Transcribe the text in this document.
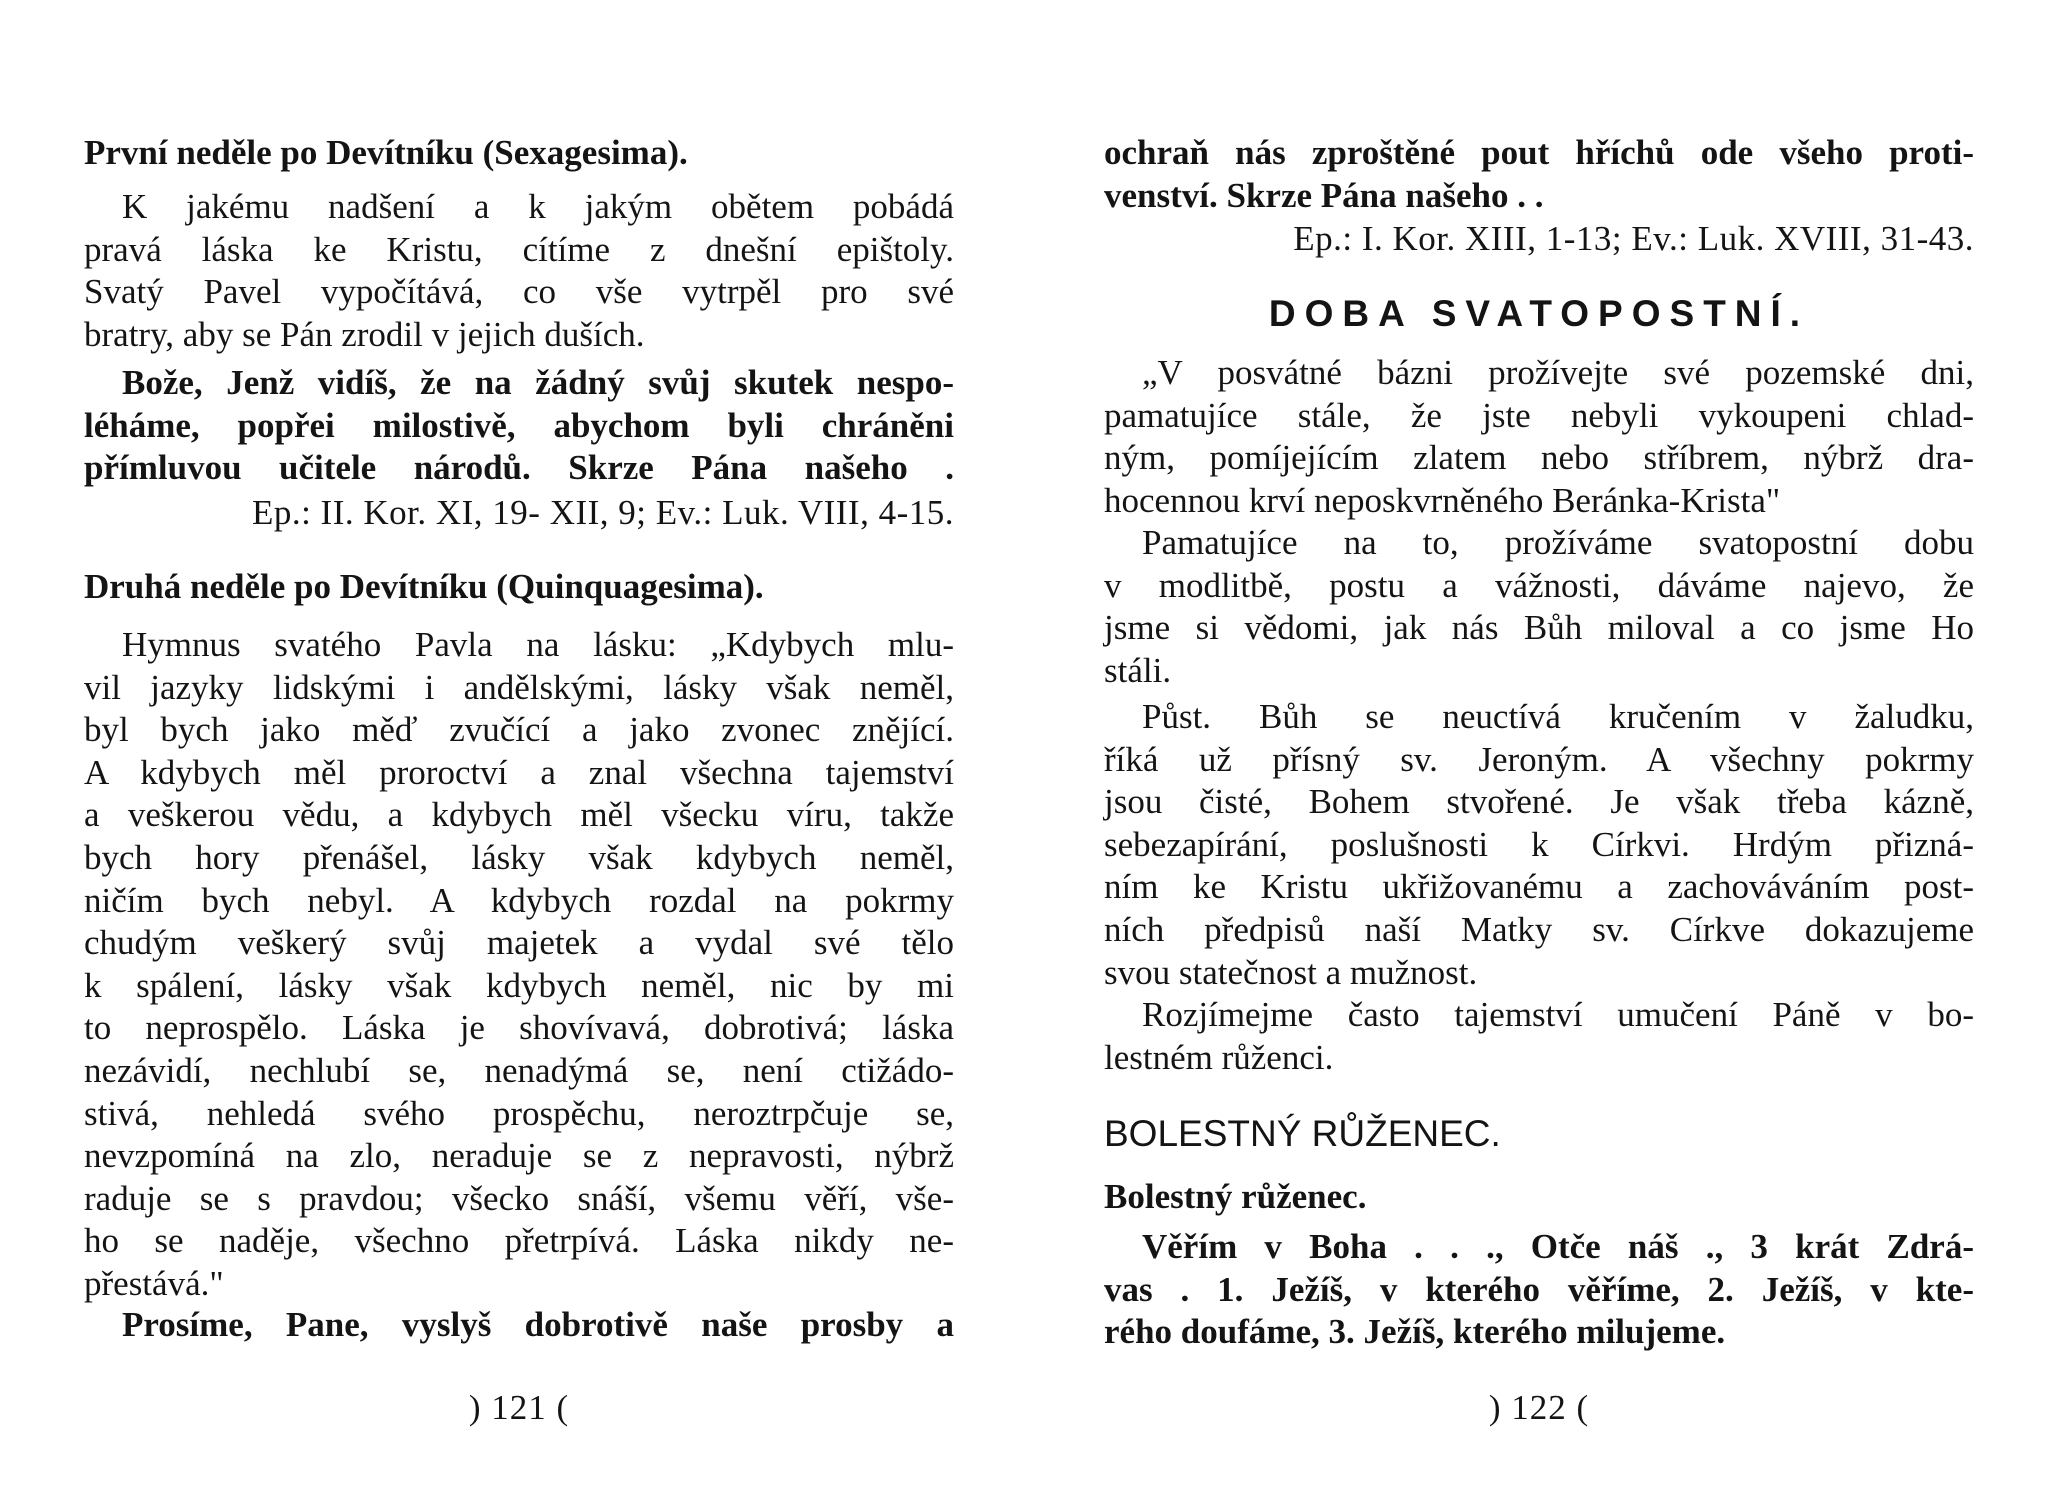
První neděle po Devítníku (Sexagesima).

K jakému nadšení a k jakým obětem pobádá

pravá láska ke Kristu, cítíme z dnešní epištoly.

Svatý Pavel vypočítává, co vše vytrpěl pro své

bratry, aby se Pán zrodil v jejich duších.

Bože, Jenž vidíš, že na žádný svůj skutek nespo-

léháme, popřei milostivě, abychom byli chráněni

přímluvou učitele národů. Skrze Pána našeho .

Ep.: II. Kor. XI, 19- XII, 9; Ev.: Luk. VIII, 4-15.

Druhá neděle po Devítníku (Quinquagesima).

Hymnus svatého Pavla na lásku: „Kdybych mlu-

vil jazyky lidskými i andělskými, lásky však neměl,

byl bych jako měď zvučící a jako zvonec znějící.

A kdybych měl proroctví a znal všechna tajemství

a veškerou vědu, a kdybych měl všecku víru, takže

bych hory přenášel, lásky však kdybych neměl,

ničím bych nebyl. A kdybych rozdal na pokrmy

chudým veškerý svůj majetek a vydal své tělo

k spálení, lásky však kdybych neměl, nic by mi

to neprospělo. Láska je shovívavá, dobrotivá; láska

nezávidí, nechlubí se, nenadýmá se, není ctižádo-

stivá, nehledá svého prospěchu, neroztrpčuje se,

nevzpomíná na zlo, neraduje se z nepravosti, nýbrž

raduje se s pravdou; všecko snáší, všemu věří, vše-

ho se naděje, všechno přetrpívá. Láska nikdy ne-

přestává."

Prosíme, Pane, vyslyš dobrotivě naše prosby a

) 121 (

ochraň nás zproštěné pout hříchů ode všeho proti-

venství. Skrze Pána našeho . .

Ep.: I. Kor. XIII, 1-13; Ev.: Luk. XVIII, 31-43.

DOBA SVATOPOSTNÍ.

„V posvátné bázni prožívejte své pozemské dni,

pamatujíce stále, že jste nebyli vykoupeni chlad-

ným, pomíjejícím zlatem nebo stříbrem, nýbrž dra-

hocennou krví neposkvrněného Beránka-Krista"

Pamatujíce na to, prožíváme svatopostní dobu

v modlitbě, postu a vážnosti, dáváme najevo, že

jsme si vědomi, jak nás Bůh miloval a co jsme Ho

stáli.

Půst. Bůh se neuctívá kručením v žaludku,

říká už přísný sv. Jeroným. A všechny pokrmy

jsou čisté, Bohem stvořené. Je však třeba kázně,

sebezapírání, poslušnosti k Církvi. Hrdým přizná-

ním ke Kristu ukřižovanému a zachováváním post-

ních předpisů naší Matky sv. Církve dokazujeme

svou statečnost a mužnost.

Rozjímejme často tajemství umučení Páně v bo-

lestném růženci.

BOLESTNÝ RŮŽENEC.

Bolestný růženec.

Věřím v Boha . . ., Otče náš ., 3 krát Zdrá-

vas . 1. Ježíš, v kterého věříme, 2. Ježíš, v kte-

rého doufáme, 3. Ježíš, kterého milujeme.

) 122 (
